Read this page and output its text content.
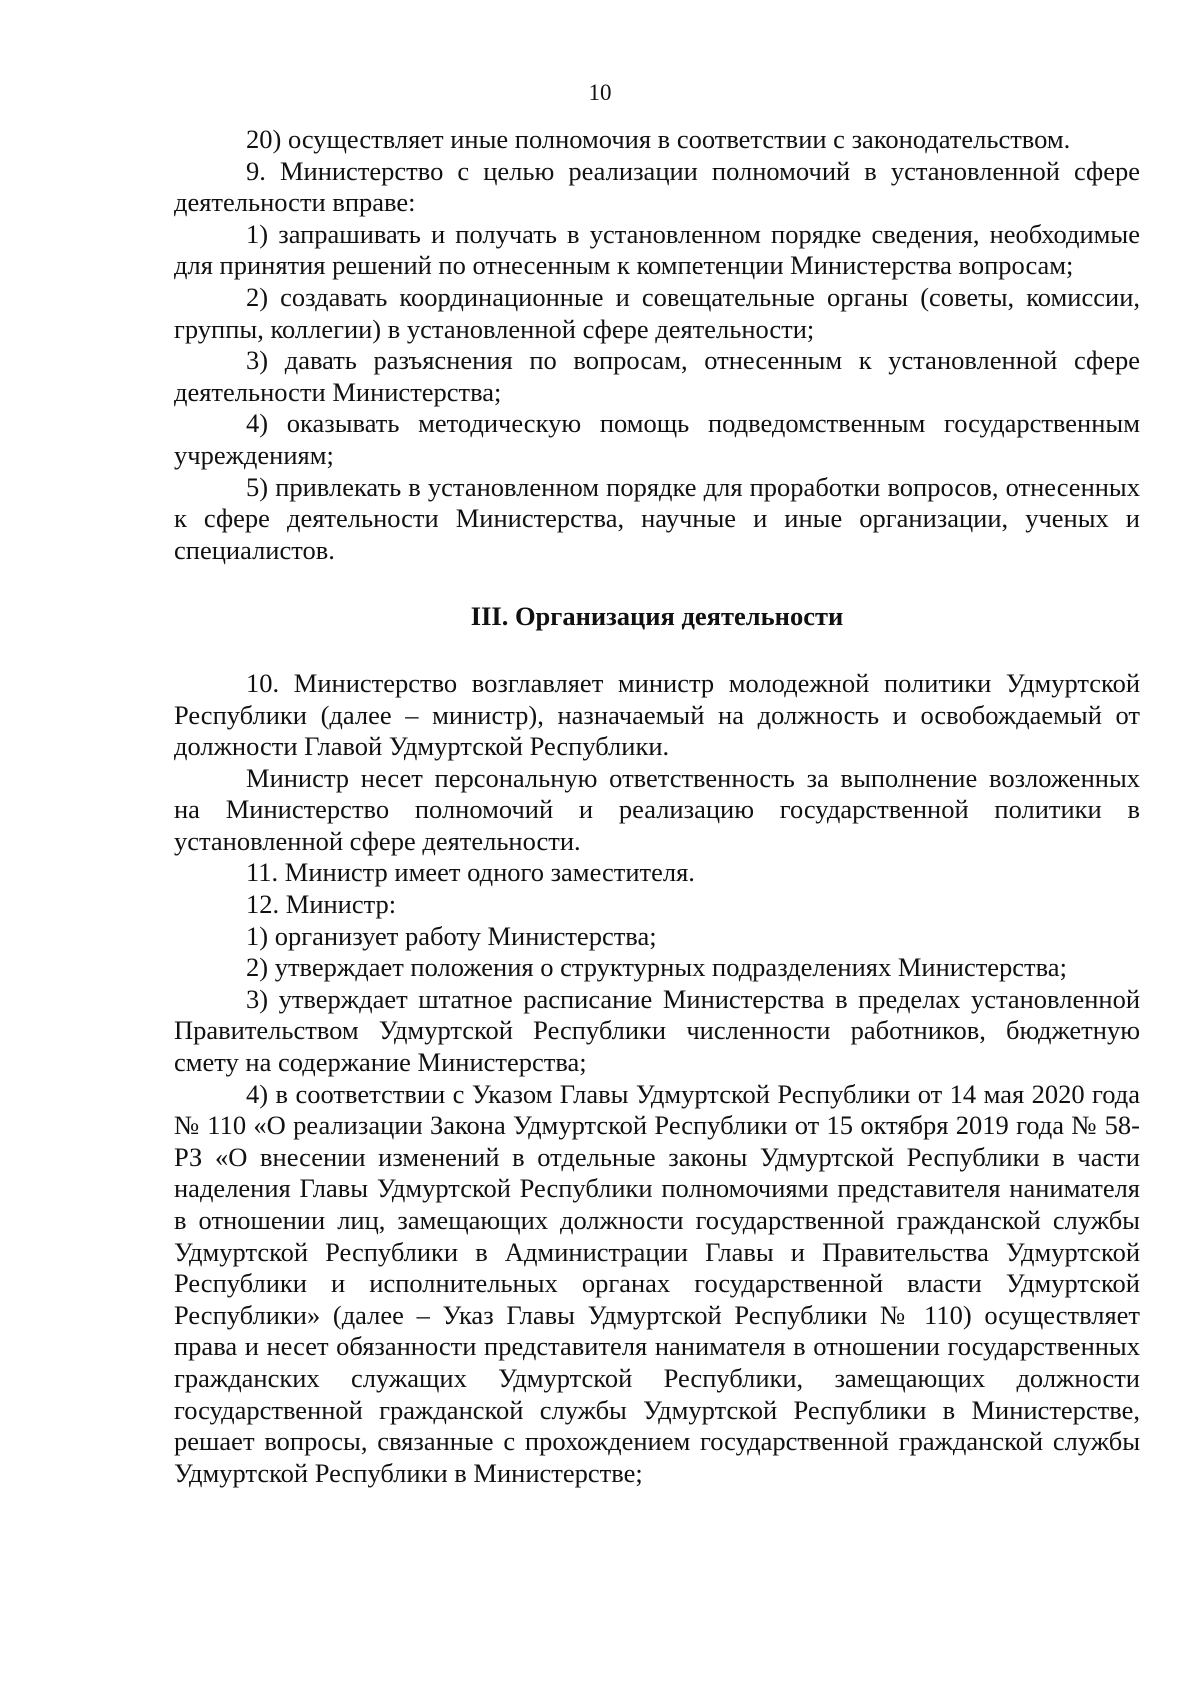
10

20) осуществляет иные полномочия в соответствии с законодательством.

9. Министерство с целью реализации полномочий в установленной сфере деятельности вправе:

1) запрашивать и получать в установленном порядке сведения, необходимые для принятия решений по отнесенным к компетенции Министерства вопросам;

2) создавать координационные и совещательные органы (советы, комиссии, группы, коллегии) в установленной сфере деятельности;

3) давать разъяснения по вопросам, отнесенным к установленной сфере деятельности Министерства;

4) оказывать методическую помощь подведомственным государственным учреждениям;

5) привлекать в установленном порядке для проработки вопросов, отнесенных к сфере деятельности Министерства, научные и иные организации, ученых и специалистов.

III. Организация деятельности

10. Министерство возглавляет министр молодежной политики Удмуртской Республики (далее – министр), назначаемый на должность и освобождаемый от должности Главой Удмуртской Республики.

Министр несет персональную ответственность за выполнение возложенных на Министерство полномочий и реализацию государственной политики в установленной сфере деятельности.

11. Министр имеет одного заместителя.

12. Министр:

1) организует работу Министерства;

2) утверждает положения о структурных подразделениях Министерства;

3) утверждает штатное расписание Министерства в пределах установленной Правительством Удмуртской Республики численности работников, бюджетную смету на содержание Министерства;

4) в соответствии с Указом Главы Удмуртской Республики от 14 мая 2020 года № 110 «О реализации Закона Удмуртской Республики от 15 октября 2019 года № 58-РЗ «О внесении изменений в отдельные законы Удмуртской Республики в части наделения Главы Удмуртской Республики полномочиями представителя нанимателя в отношении лиц, замещающих должности государственной гражданской службы Удмуртской Республики в Администрации Главы и Правительства Удмуртской Республики и исполнительных органах государственной власти Удмуртской Республики» (далее – Указ Главы Удмуртской Республики № 110) осуществляет права и несет обязанности представителя нанимателя в отношении государственных гражданских служащих Удмуртской Республики, замещающих должности государственной гражданской службы Удмуртской Республики в Министерстве, решает вопросы, связанные с прохождением государственной гражданской службы Удмуртской Республики в Министерстве;
